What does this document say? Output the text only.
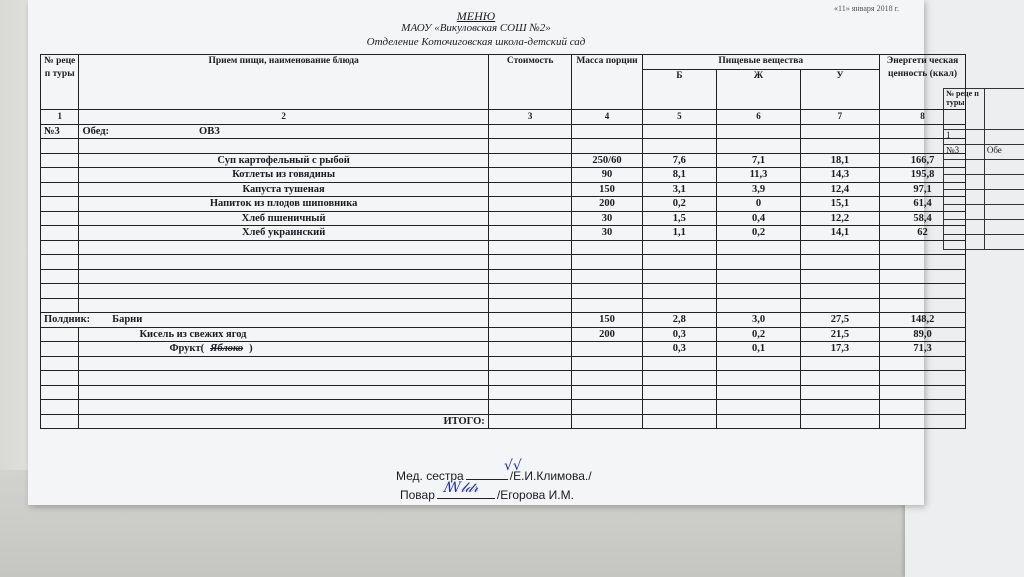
№ реце п туры	
1	
№3	Обе

«11» января 2018 г.
МЕНЮ
МАОУ «Викуловская СОШ №2»
Отделение Коточиговская школа-детский сад
№ реце п туры	Прием пищи, наименование блюда	Стоимость	Масса порции	Пищевые вещества			Энергети ческая ценность (ккал)
				Б	Ж	У	
1	2	3	4	5	6	7	8
№3	Обед: ОВЗ						

	Суп картофельный с рыбой		250/60	7,6	7,1	18,1	166,7
	Котлеты из говядины		90	8,1	11,3	14,3	195,8
	Капуста тушеная		150	3,1	3,9	12,4	97,1
	Напиток из плодов шиповника		200	0,2	0	15,1	61,4
	Хлеб пшеничный		30	1,5	0,4	12,2	58,4
	Хлеб украинский		30	1,1	0,2	14,1	62

Полдник: Барни			150	2,8	3,0	27,5	148,2
	Кисель из свежих ягод		200	0,3	0,2	21,5	89,0
	Фрукт( Яблоко )			0,3	0,1	17,3	71,3

	ИТОГО:						
Мед. сестра	/Е.И.Климова./
√√
Повар	/Егорова И.М.
ꟿ𝓁𝒹𝓇
